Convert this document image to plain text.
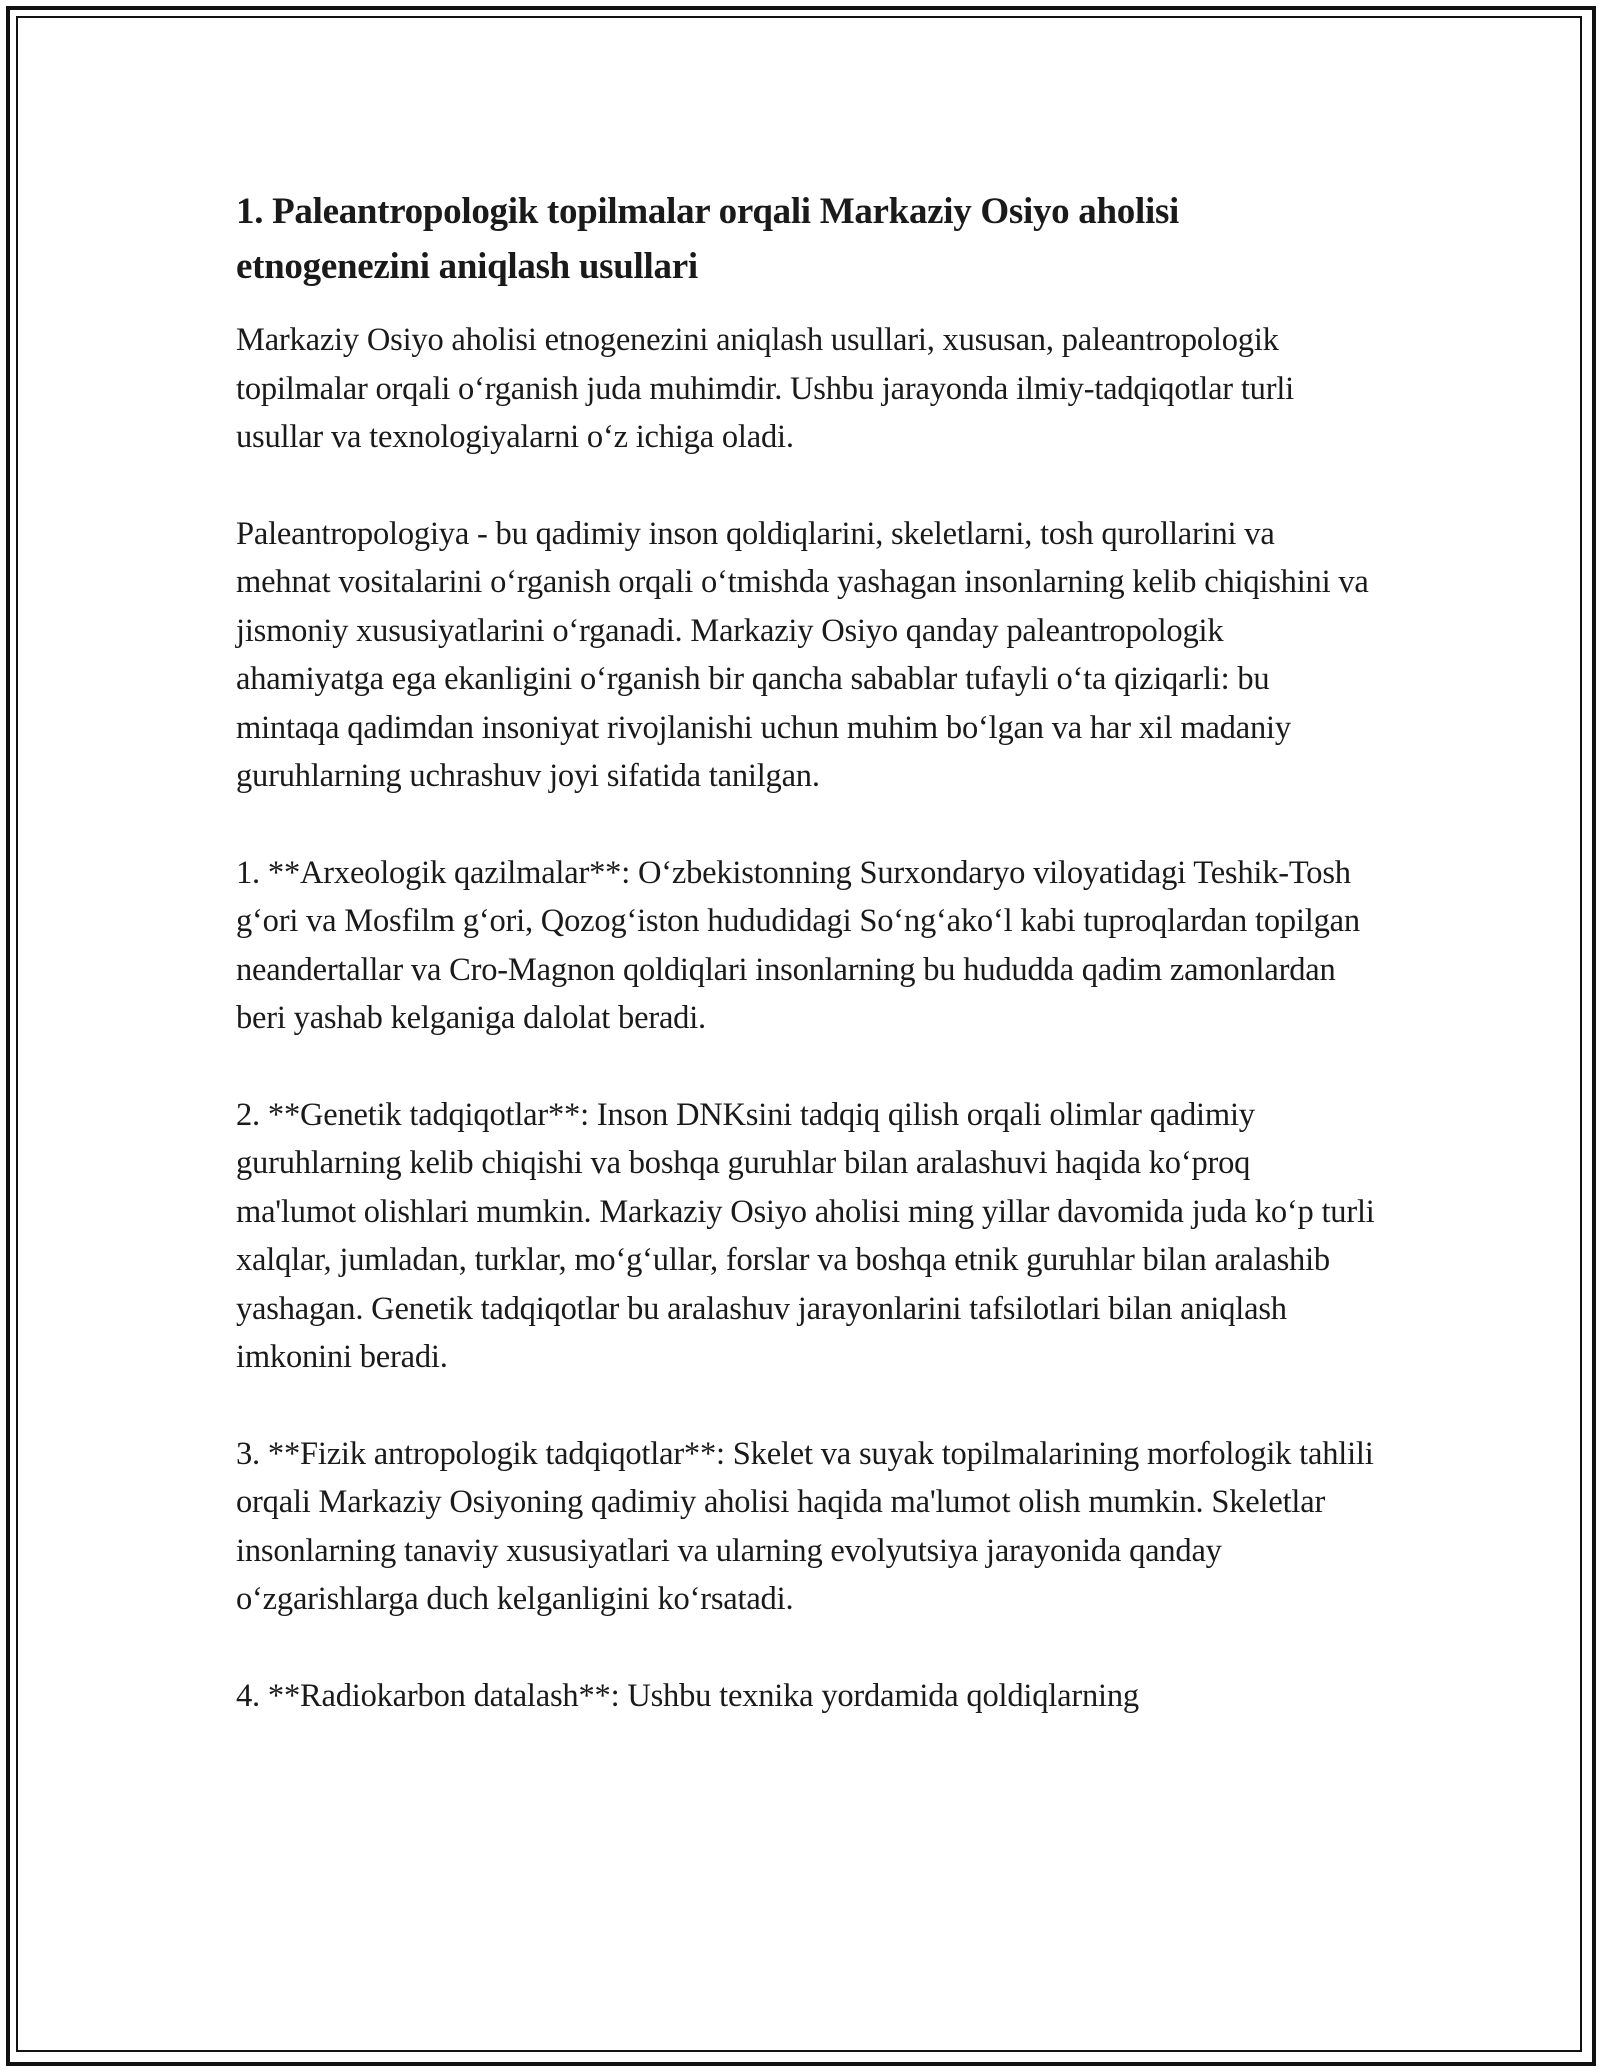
1. Paleantropologik topilmalar orqali Markaziy Osiyo aholisi etnogenezini aniqlash usullari

Markaziy Osiyo aholisi etnogenezini aniqlash usullari, xususan, paleantropologik topilmalar orqali o‘rganish juda muhimdir. Ushbu jarayonda ilmiy-tadqiqotlar turli usullar va texnologiyalarni o‘z ichiga oladi.

Paleantropologiya - bu qadimiy inson qoldiqlarini, skeletlarni, tosh qurollarini va mehnat vositalarini o‘rganish orqali o‘tmishda yashagan insonlarning kelib chiqishini va jismoniy xususiyatlarini o‘rganadi. Markaziy Osiyo qanday paleantropologik ahamiyatga ega ekanligini o‘rganish bir qancha sabablar tufayli o‘ta qiziqarli: bu mintaqa qadimdan insoniyat rivojlanishi uchun muhim bo‘lgan va har xil madaniy guruhlarning uchrashuv joyi sifatida tanilgan.

1. **Arxeologik qazilmalar**: O‘zbekistonning Surxondaryo viloyatidagi Teshik-Tosh g‘ori va Mosfilm g‘ori, Qozog‘iston hududidagi So‘ng‘ako‘l kabi tuproqlardan topilgan neandertallar va Cro-Magnon qoldiqlari insonlarning bu hududda qadim zamonlardan beri yashab kelganiga dalolat beradi.

2. **Genetik tadqiqotlar**: Inson DNKsini tadqiq qilish orqali olimlar qadimiy guruhlarning kelib chiqishi va boshqa guruhlar bilan aralashuvi haqida ko‘proq ma'lumot olishlari mumkin. Markaziy Osiyo aholisi ming yillar davomida juda ko‘p turli xalqlar, jumladan, turklar, mo‘g‘ullar, forslar va boshqa etnik guruhlar bilan aralashib yashagan. Genetik tadqiqotlar bu aralashuv jarayonlarini tafsilotlari bilan aniqlash imkonini beradi.

3. **Fizik antropologik tadqiqotlar**: Skelet va suyak topilmalarining morfologik tahlili orqali Markaziy Osiyoning qadimiy aholisi haqida ma'lumot olish mumkin. Skeletlar insonlarning tanaviy xususiyatlari va ularning evolyutsiya jarayonida qanday o‘zgarishlarga duch kelganligini ko‘rsatadi.

4. **Radiokarbon datalash**: Ushbu texnika yordamida qoldiqlarning
